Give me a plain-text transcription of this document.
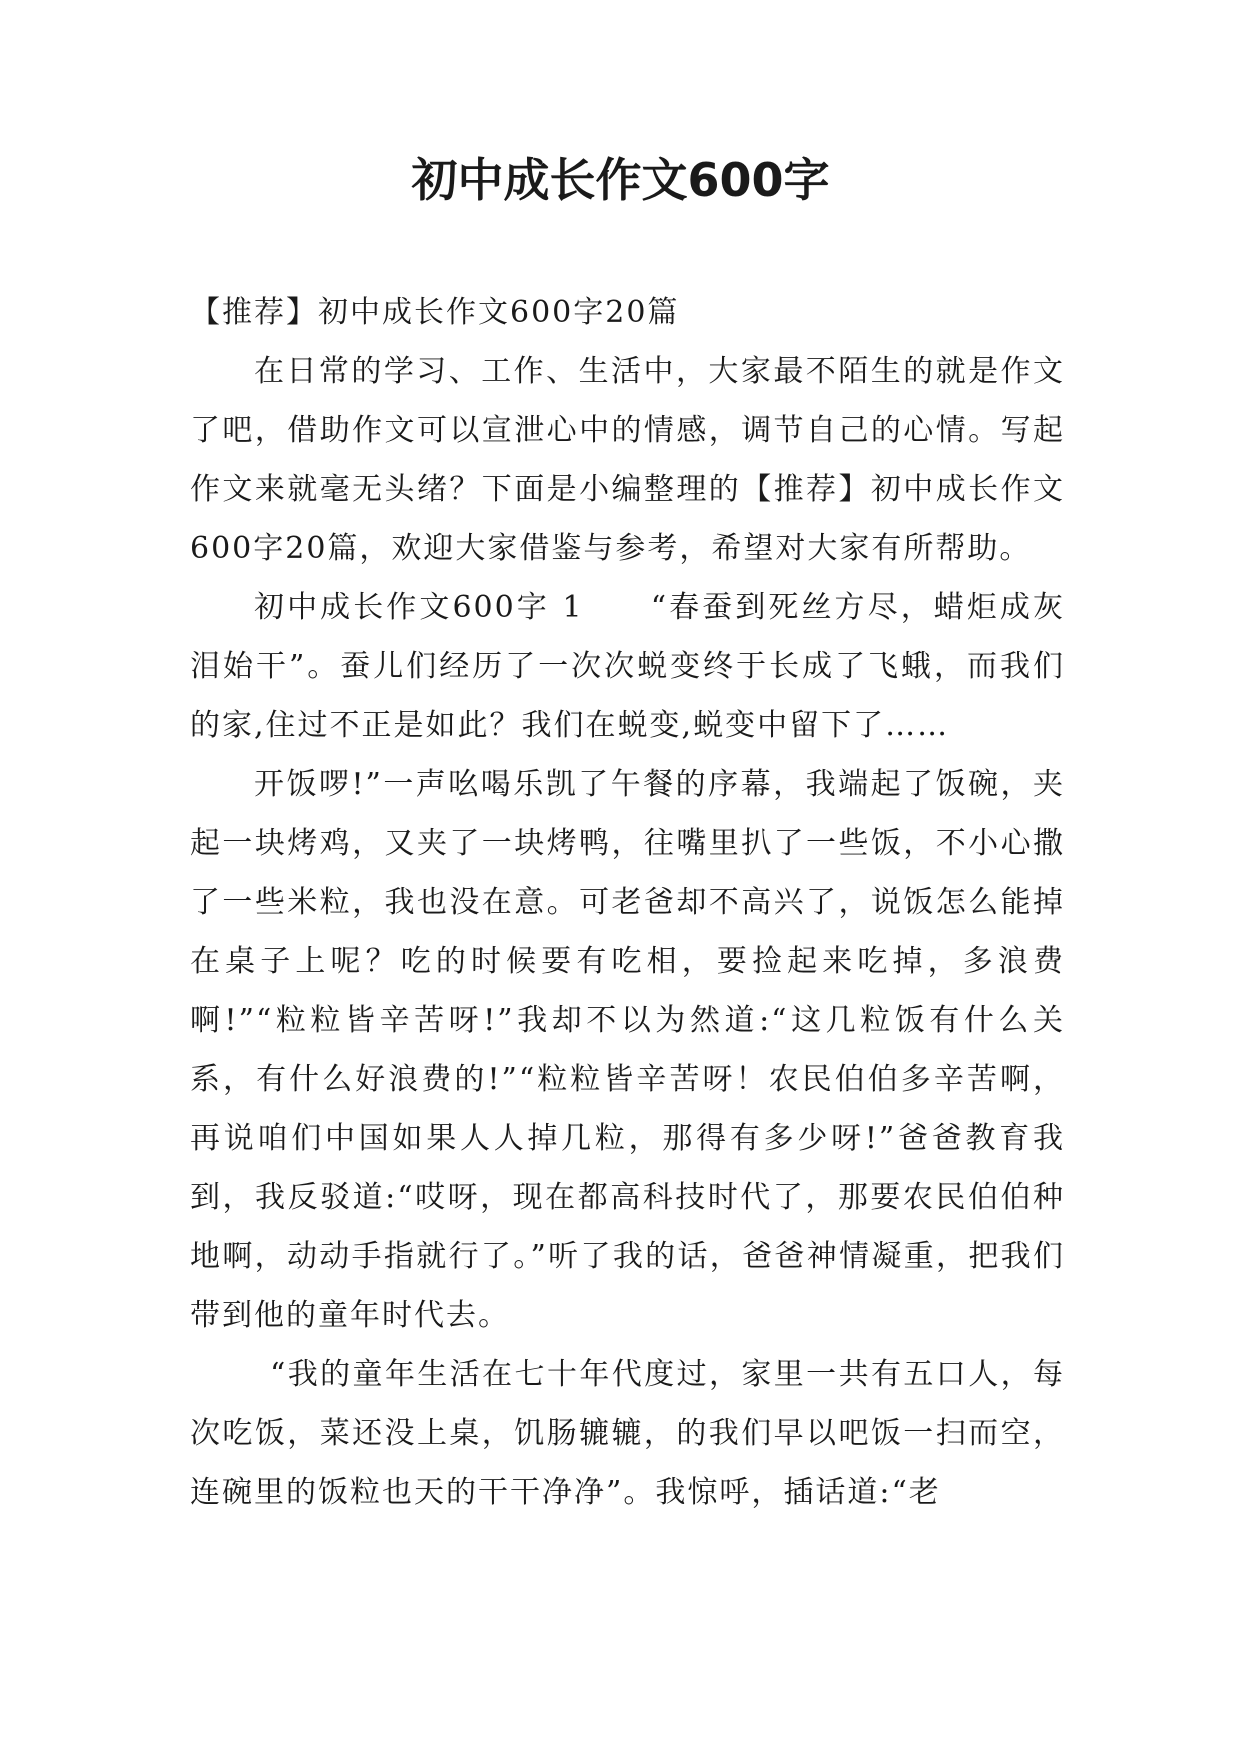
初中成长作文600字

【推荐】初中成长作文600字20篇

在日常的学习、工作、生活中，大家最不陌生的就是作文了吧，借助作文可以宣泄心中的情感，调节自己的心情。写起作文来就毫无头绪？下面是小编整理的【推荐】初中成长作文600字20篇，欢迎大家借鉴与参考，希望对大家有所帮助。

初中成长作文600字 1　　“春蚕到死丝方尽，蜡炬成灰泪始干”。蚕儿们经历了一次次蜕变终于长成了飞蛾，而我们的家,住过不正是如此？我们在蜕变,蜕变中留下了……

开饭啰!”一声吆喝乐凯了午餐的序幕，我端起了饭碗，夹起一块烤鸡，又夹了一块烤鸭，往嘴里扒了一些饭，不小心撒了一些米粒，我也没在意。可老爸却不高兴了，说饭怎么能掉在桌子上呢？吃的时候要有吃相，要捡起来吃掉，多浪费啊!”“粒粒皆辛苦呀!”我却不以为然道:“这几粒饭有什么关系，有什么好浪费的!”“粒粒皆辛苦呀！农民伯伯多辛苦啊，再说咱们中国如果人人掉几粒，那得有多少呀!”爸爸教育我到，我反驳道:“哎呀，现在都高科技时代了，那要农民伯伯种地啊，动动手指就行了。”听了我的话，爸爸神情凝重，把我们带到他的童年时代去。

“我的童年生活在七十年代度过，家里一共有五口人，每次吃饭，菜还没上桌，饥肠辘辘，的我们早以吧饭一扫而空，连碗里的饭粒也天的干干净净”。我惊呼，插话道:“老
